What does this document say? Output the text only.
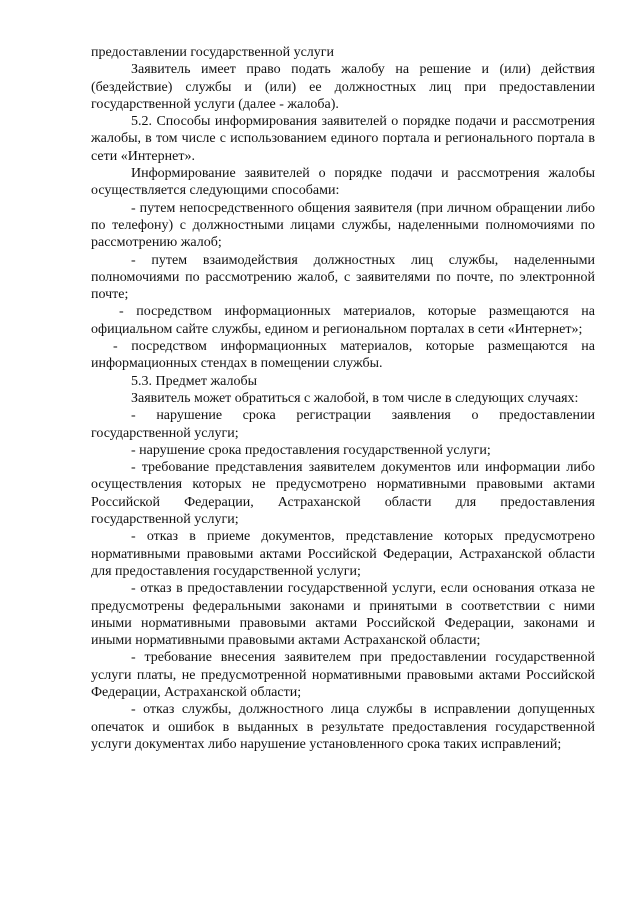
предоставлении государственной услуги

Заявитель имеет право подать жалобу на решение и (или) действия (бездействие) службы и (или) ее должностных лиц при предоставлении государственной услуги (далее - жалоба).

5.2. Способы информирования заявителей о порядке подачи и рассмотрения жалобы, в том числе с использованием единого портала и регионального портала в сети «Интернет».

Информирование заявителей о порядке подачи и рассмотрения жалобы осуществляется следующими способами:

- путем непосредственного общения заявителя (при личном обращении либо по телефону) с должностными лицами службы, наделенными полномочиями по рассмотрению жалоб;

- путем взаимодействия должностных лиц службы, наделенными полномочиями по рассмотрению жалоб, с заявителями по почте, по электронной почте;

- посредством информационных материалов, которые размещаются на официальном сайте службы, едином и региональном порталах в сети «Интернет»;

- посредством информационных материалов, которые размещаются на информационных стендах в помещении службы.

5.3. Предмет жалобы

Заявитель может обратиться с жалобой, в том числе в следующих случаях:

- нарушение срока регистрации заявления о предоставлении государственной услуги;

- нарушение срока предоставления государственной услуги;

- требование представления заявителем документов или информации либо осуществления которых не предусмотрено нормативными правовыми актами Российской Федерации, Астраханской области для предоставления государственной услуги;

- отказ в приеме документов, представление которых предусмотрено нормативными правовыми актами Российской Федерации, Астраханской области для предоставления государственной услуги;

- отказ в предоставлении государственной услуги, если основания отказа не предусмотрены федеральными законами и принятыми в соответствии с ними иными нормативными правовыми актами Российской Федерации, законами и иными нормативными правовыми актами Астраханской области;

- требование внесения заявителем при предоставлении государственной услуги платы, не предусмотренной нормативными правовыми актами Российской Федерации, Астраханской области;

- отказ службы, должностного лица службы в исправлении допущенных опечаток и ошибок в выданных в результате предоставления государственной услуги документах либо нарушение установленного срока таких исправлений;
